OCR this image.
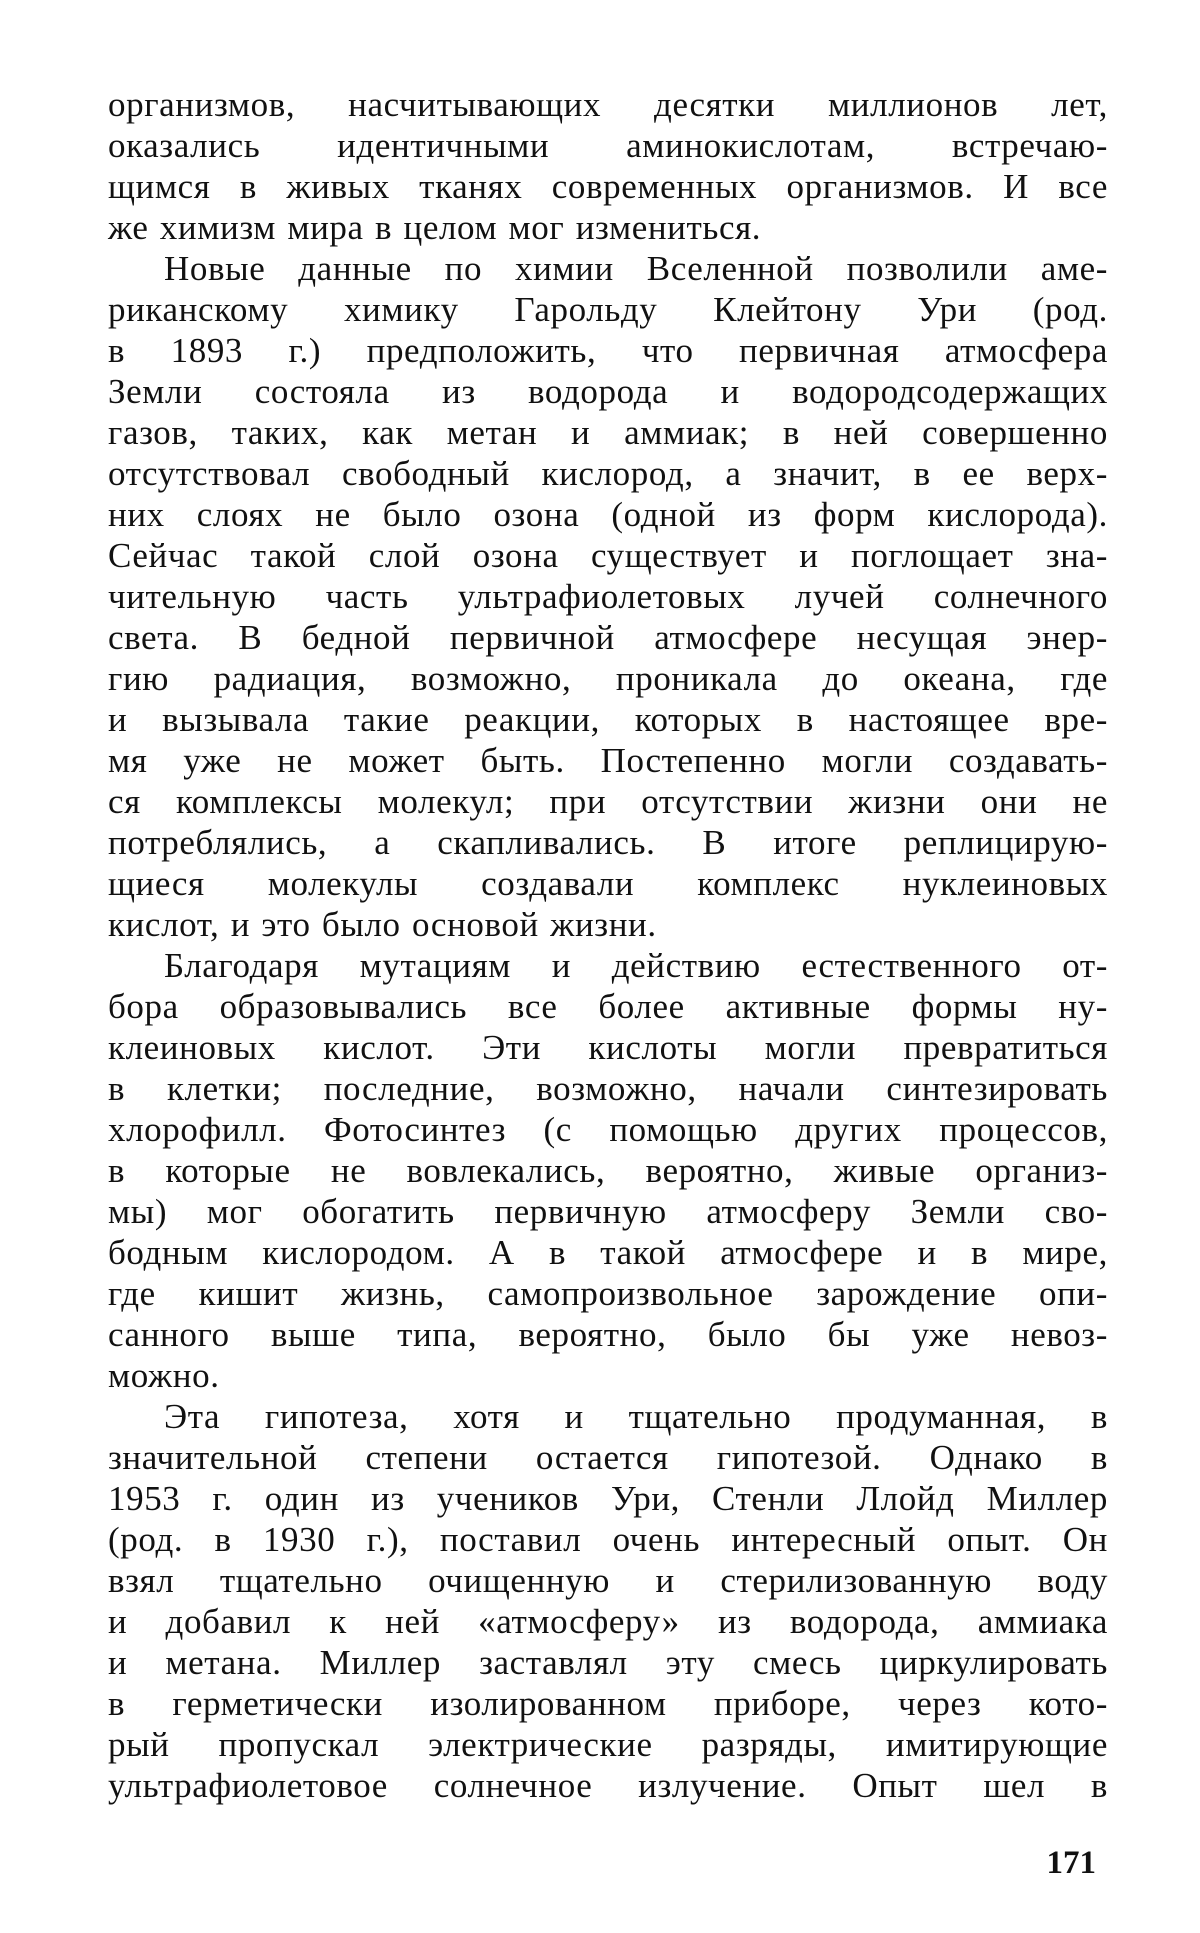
организмов, насчитывающих десятки миллионов лет,
оказались идентичными аминокислотам, встречаю-
щимся в живых тканях современных организмов. И все
же химизм мира в целом мог измениться.
Новые данные по химии Вселенной позволили аме-
риканскому химику Гарольду Клейтону Ури (род.
в 1893 г.) предположить, что первичная атмосфера
Земли состояла из водорода и водородсодержащих
газов, таких, как метан и аммиак; в ней совершенно
отсутствовал свободный кислород, а значит, в ее верх-
них слоях не было озона (одной из форм кислорода).
Сейчас такой слой озона существует и поглощает зна-
чительную часть ультрафиолетовых лучей солнечного
света. В бедной первичной атмосфере несущая энер-
гию радиация, возможно, проникала до океана, где
и вызывала такие реакции, которых в настоящее вре-
мя уже не может быть. Постепенно могли создавать-
ся комплексы молекул; при отсутствии жизни они не
потреблялись, а скапливались. В итоге реплицирую-
щиеся молекулы создавали комплекс нуклеиновых
кислот, и это было основой жизни.
Благодаря мутациям и действию естественного от-
бора образовывались все более активные формы ну-
клеиновых кислот. Эти кислоты могли превратиться
в клетки; последние, возможно, начали синтезировать
хлорофилл. Фотосинтез (с помощью других процессов,
в которые не вовлекались, вероятно, живые организ-
мы) мог обогатить первичную атмосферу Земли сво-
бодным кислородом. А в такой атмосфере и в мире,
где кишит жизнь, самопроизвольное зарождение опи-
санного выше типа, вероятно, было бы уже невоз-
можно.
Эта гипотеза, хотя и тщательно продуманная, в
значительной степени остается гипотезой. Однако в
1953 г. один из учеников Ури, Стенли Ллойд Миллер
(род. в 1930 г.), поставил очень интересный опыт. Он
взял тщательно очищенную и стерилизованную воду
и добавил к ней «атмосферу» из водорода, аммиака
и метана. Миллер заставлял эту смесь циркулировать
в герметически изолированном приборе, через кото-
рый пропускал электрические разряды, имитирующие
ультрафиолетовое солнечное излучение. Опыт шел в
171
